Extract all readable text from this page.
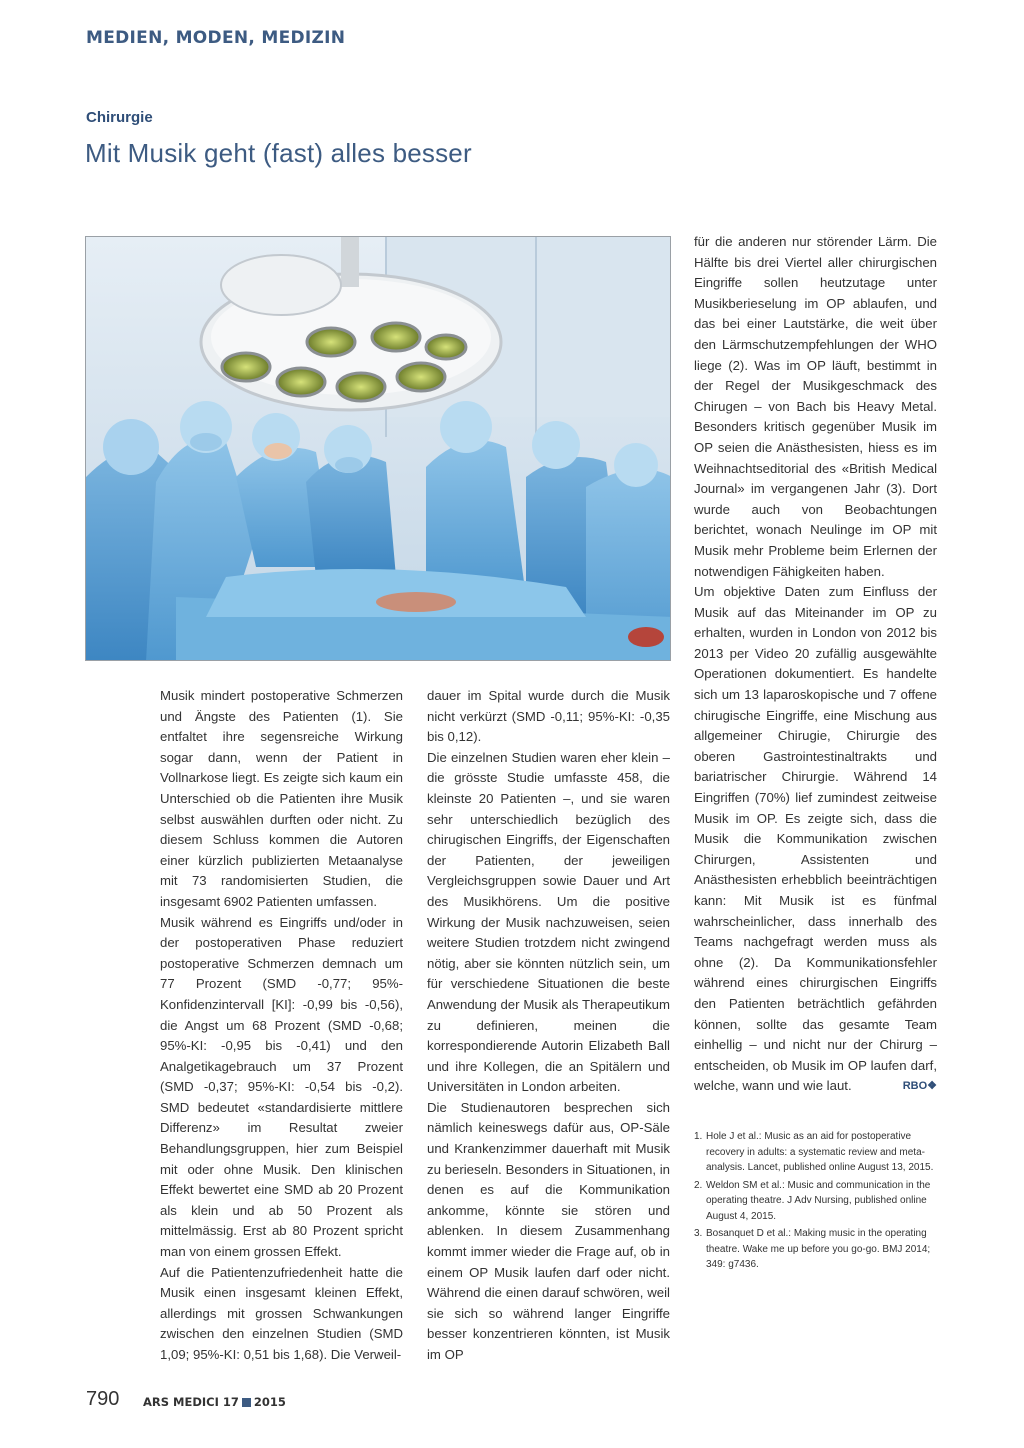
MEDIEN, MODEN, MEDIZIN
Chirurgie
Mit Musik geht (fast) alles besser

Musik mindert postoperative Schmerzen und Ängste des Patienten (1). Sie entfaltet ihre segensreiche Wirkung sogar dann, wenn der Patient in Vollnarkose liegt. Es zeigte sich kaum ein Unterschied ob die Patienten ihre Musik selbst auswählen durften oder nicht. Zu diesem Schluss kommen die Autoren einer kürzlich publizierten Metaanalyse mit 73 randomisierten Studien, die insgesamt 6902 Patienten umfassen.

Musik während es Eingriffs und/oder in der postoperativen Phase reduziert postoperative Schmerzen demnach um 77 Prozent (SMD -0,77; 95%-Konfidenzintervall [KI]: -0,99 bis -0,56), die Angst um 68 Prozent (SMD -0,68; 95%-KI: -0,95 bis -0,41) und den Analgetikagebrauch um 37 Prozent (SMD -0,37; 95%-KI: -0,54 bis -0,2). SMD bedeutet «standardisierte mittlere Differenz» im Resultat zweier Behandlungsgruppen, hier zum Beispiel mit oder ohne Musik. Den klinischen Effekt bewertet eine SMD ab 20 Prozent als klein und ab 50 Prozent als mittelmässig. Erst ab 80 Prozent spricht man von einem grossen Effekt.

Auf die Patientenzufriedenheit hatte die Musik einen insgesamt kleinen Effekt, allerdings mit grossen Schwankungen zwischen den einzelnen Studien (SMD 1,09; 95%-KI: 0,51 bis 1,68). Die Verweil-

dauer im Spital wurde durch die Musik nicht verkürzt (SMD -0,11; 95%-KI: -0,35 bis 0,12).

Die einzelnen Studien waren eher klein – die grösste Studie umfasste 458, die kleinste 20 Patienten –, und sie waren sehr unterschiedlich bezüglich des chirugischen Eingriffs, der Eigenschaften der Patienten, der jeweiligen Vergleichsgruppen sowie Dauer und Art des Musikhörens. Um die positive Wirkung der Musik nachzuweisen, seien weitere Studien trotzdem nicht zwingend nötig, aber sie könnten nützlich sein, um für verschiedene Situationen die beste Anwendung der Musik als Therapeutikum zu definieren, meinen die korrespondierende Autorin Elizabeth Ball und ihre Kollegen, die an Spitälern und Universitäten in London arbeiten.

Die Studienautoren besprechen sich nämlich keineswegs dafür aus, OP-Säle und Krankenzimmer dauerhaft mit Musik zu berieseln. Besonders in Situationen, in denen es auf die Kommunikation ankomme, könnte sie stören und ablenken. In diesem Zusammenhang kommt immer wieder die Frage auf, ob in einem OP Musik laufen darf oder nicht. Während die einen darauf schwören, weil sie sich so während langer Eingriffe besser konzentrieren könnten, ist Musik im OP

für die anderen nur störender Lärm. Die Hälfte bis drei Viertel aller chirurgischen Eingriffe sollen heutzutage unter Musikberieselung im OP ablaufen, und das bei einer Lautstärke, die weit über den Lärmschutzempfehlungen der WHO liege (2). Was im OP läuft, bestimmt in der Regel der Musikgeschmack des Chirugen – von Bach bis Heavy Metal. Besonders kritisch gegenüber Musik im OP seien die Anästhesisten, hiess es im Weihnachtseditorial des «British Medical Journal» im vergangenen Jahr (3). Dort wurde auch von Beobachtungen berichtet, wonach Neulinge im OP mit Musik mehr Probleme beim Erlernen der notwendigen Fähigkeiten haben.

Um objektive Daten zum Einfluss der Musik auf das Miteinander im OP zu erhalten, wurden in London von 2012 bis 2013 per Video 20 zufällig ausgewählte Operationen dokumentiert. Es handelte sich um 13 laparoskopische und 7 offene chirugische Eingriffe, eine Mischung aus allgemeiner Chirugie, Chirurgie des oberen Gastrointestinaltrakts und bariatrischer Chirurgie. Während 14 Eingriffen (70%) lief zumindest zeitweise Musik im OP. Es zeigte sich, dass die Musik die Kommunikation zwischen Chirurgen, Assistenten und Anästhesisten erhebblich beeinträchtigen kann: Mit Musik ist es fünfmal wahrscheinlicher, dass innerhalb des Teams nachgefragt werden muss als ohne (2). Da Kommunikationsfehler während eines chirurgischen Eingriffs den Patienten beträchtlich gefährden können, sollte das gesamte Team einhellig – und nicht nur der Chirurg – entscheiden, ob Musik im OP laufen darf, welche, wann und wie laut.	RBO❖

1. Hole J et al.: Music as an aid for postoperative recovery in adults: a systematic review and meta-analysis. Lancet, published online August 13, 2015.
2. Weldon SM et al.: Music and communication in the operating theatre. J Adv Nursing, published online August 4, 2015.
3. Bosanquet D et al.: Making music in the operating theatre. Wake me up before you go-go. BMJ 2014; 349: g7436.
790 ARS MEDICI 17 2015
